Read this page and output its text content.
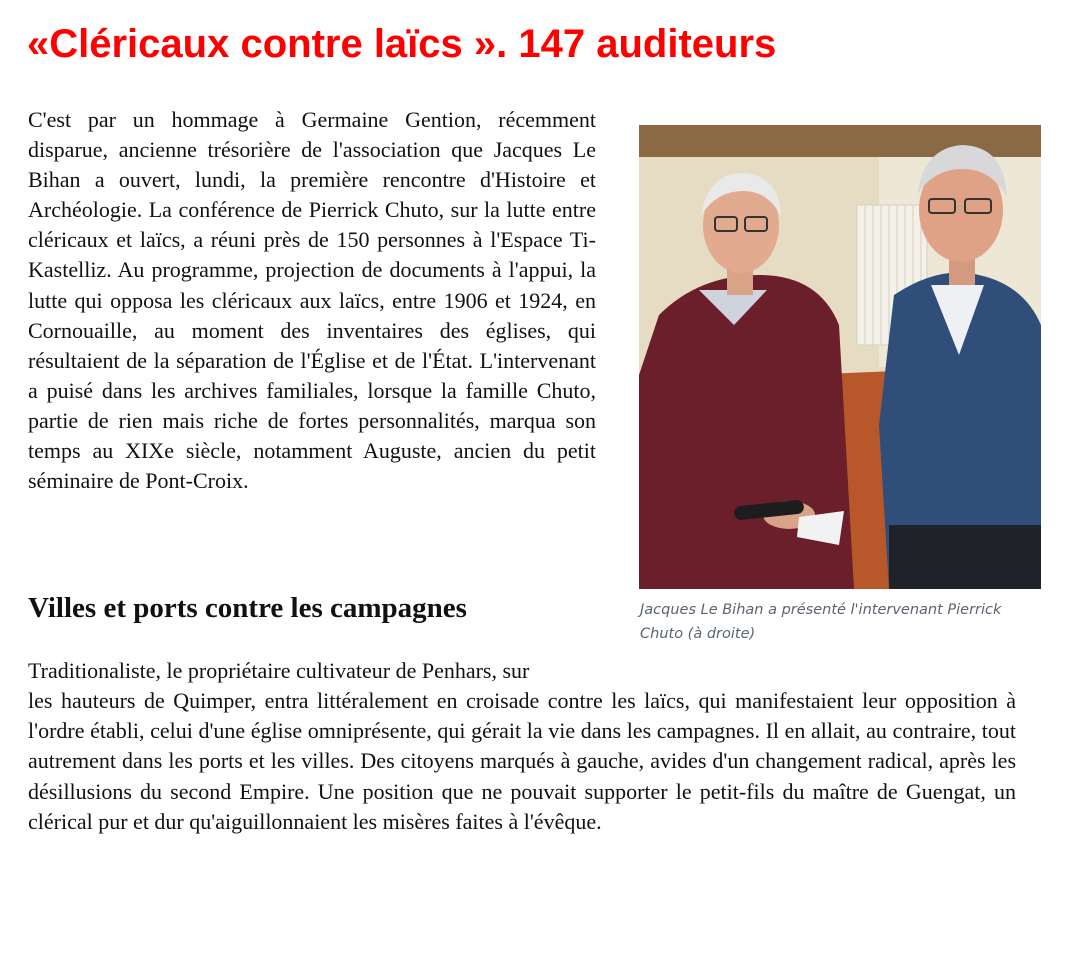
«Cléricaux contre laïcs ». 147 auditeurs

C'est par un hommage à Germaine Gention, récemment disparue, ancienne trésorière de l'association que Jacques Le Bihan a ouvert, lundi, la première rencontre d'Histoire et Archéologie. La conférence de Pierrick Chuto, sur la lutte entre cléricaux et laïcs, a réuni près de 150 personnes à l'Espace Ti-Kastelliz. Au programme, projection de documents à l'appui, la lutte qui opposa les cléricaux aux laïcs, entre 1906 et 1924, en Cornouaille, au moment des inventaires des églises, qui résultaient de la séparation de l'Église et de l'État. L'intervenant a puisé dans les archives familiales, lorsque la famille Chuto, partie de rien mais riche de fortes personnalités, marqua son temps au XIXe siècle, notamment Auguste, ancien du petit séminaire de Pont-Croix.

Jacques Le Bihan a présenté l'intervenant Pierrick Chuto (à droite)

Villes et ports contre les campagnes

Traditionaliste, le propriétaire cultivateur de Penhars, sur

les hauteurs de Quimper, entra littéralement en croisade contre les laïcs, qui manifestaient leur opposition à l'ordre établi, celui d'une église omniprésente, qui gérait la vie dans les campagnes. Il en allait, au contraire, tout autrement dans les ports et les villes. Des citoyens marqués à gauche, avides d'un changement radical, après les désillusions du second Empire. Une position que ne pouvait supporter le petit-fils du maître de Guengat, un clérical pur et dur qu'aiguillonnaient les misères faites à l'évêque.
